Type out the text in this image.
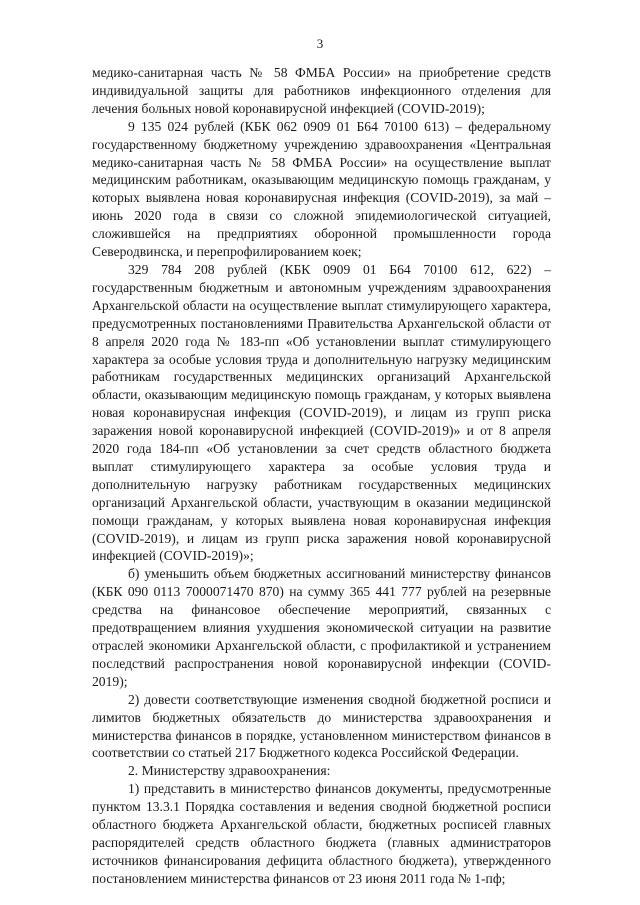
3

медико-санитарная часть № 58 ФМБА России» на приобретение средств индивидуальной защиты для работников инфекционного отделения для лечения больных новой коронавирусной инфекцией (COVID-2019);

9 135 024 рублей (КБК 062 0909 01 Б64 70100 613) – федеральному государственному бюджетному учреждению здравоохранения «Центральная медико-санитарная часть № 58 ФМБА России» на осуществление выплат медицинским работникам, оказывающим медицинскую помощь гражданам, у которых выявлена новая коронавирусная инфекция (COVID-2019), за май – июнь 2020 года в связи со сложной эпидемиологической ситуацией, сложившейся на предприятиях оборонной промышленности города Северодвинска, и перепрофилированием коек;

329 784 208 рублей (КБК 0909 01 Б64 70100 612, 622) – государственным бюджетным и автономным учреждениям здравоохранения Архангельской области на осуществление выплат стимулирующего характера, предусмотренных постановлениями Правительства Архангельской области от 8 апреля 2020 года № 183-пп «Об установлении выплат стимулирующего характера за особые условия труда и дополнительную нагрузку медицинским работникам государственных медицинских организаций Архангельской области, оказывающим медицинскую помощь гражданам, у которых выявлена новая коронавирусная инфекция (COVID-2019), и лицам из групп риска заражения новой коронавирусной инфекцией (COVID-2019)» и от 8 апреля 2020 года 184-пп «Об установлении за счет средств областного бюджета выплат стимулирующего характера за особые условия труда и дополнительную нагрузку работникам государственных медицинских организаций Архангельской области, участвующим в оказании медицинской помощи гражданам, у которых выявлена новая коронавирусная инфекция (COVID-2019), и лицам из групп риска заражения новой коронавирусной инфекцией (COVID-2019)»;

б) уменьшить объем бюджетных ассигнований министерству финансов (КБК 090 0113 7000071470 870) на сумму 365 441 777 рублей на резервные средства на финансовое обеспечение мероприятий, связанных с предотвращением влияния ухудшения экономической ситуации на развитие отраслей экономики Архангельской области, с профилактикой и устранением последствий распространения новой коронавирусной инфекции (COVID-2019);

2) довести соответствующие изменения сводной бюджетной росписи и лимитов бюджетных обязательств до министерства здравоохранения и министерства финансов в порядке, установленном министерством финансов в соответствии со статьей 217 Бюджетного кодекса Российской Федерации.

2. Министерству здравоохранения:

1) представить в министерство финансов документы, предусмотренные пунктом 13.3.1 Порядка составления и ведения сводной бюджетной росписи областного бюджета Архангельской области, бюджетных росписей главных распорядителей средств областного бюджета (главных администраторов источников финансирования дефицита областного бюджета), утвержденного постановлением министерства финансов от 23 июня 2011 года № 1-пф;
